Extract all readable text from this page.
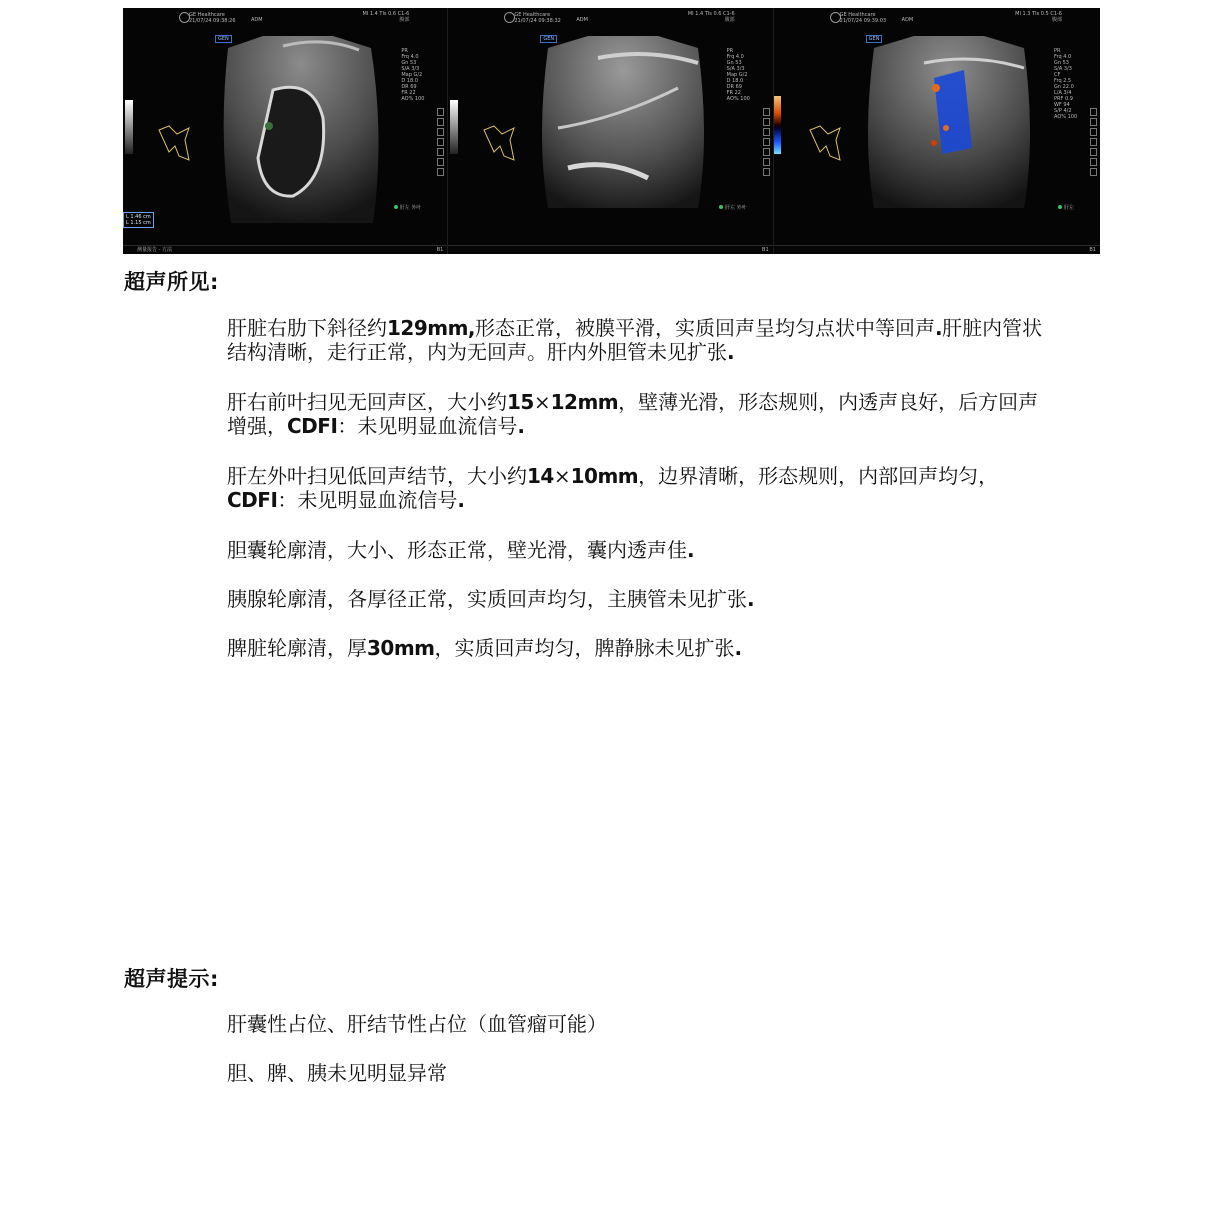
GE Healthcare
21/07/24 09:38:26	ADM
MI 1.4 TIs 0.6 C1-6
腹部
GEN
PR
Frq 4.0
Gn 53
S/A 3/3
Map G/2
D 18.0
DR 69
FR 22
AO% 100
肝左 外叶
L 1.46 cm
L 1.15 cm
测量报告 - 方法	B1
GE Healthcare
21/07/24 09:38:32	ADM
MI 1.4 TIs 0.6 C1-6
腹部
GEN
PR
Frq 4.0
Gn 53
S/A 3/3
Map G/2
D 18.0
DR 69
FR 22
AO% 100
肝左 外叶
B1
GE Healthcare
21/07/24 09:39:03	ADM
MI 1.3 TIs 0.5 C1-6
腹部
GEN
PR
Frq 4.0
Gn 53
S/A 3/3
CF
Frq 2.5
Gn 22.0
L/A 3/4
PRF 0.9
WF 94
S/P 4/2
AO% 100
肝左
B1
超声所见:

肝脏右肋下斜径约129mm,形态正常，被膜平滑，实质回声呈均匀点状中等回声.肝脏内管状结构清晰，走行正常，内为无回声。肝内外胆管未见扩张.

肝右前叶扫见无回声区，大小约15×12mm，壁薄光滑，形态规则，内透声良好，后方回声增强，CDFI：未见明显血流信号.

肝左外叶扫见低回声结节，大小约14×10mm，边界清晰，形态规则，内部回声均匀，CDFI：未见明显血流信号.

胆囊轮廓清，大小、形态正常，壁光滑，囊内透声佳.

胰腺轮廓清，各厚径正常，实质回声均匀，主胰管未见扩张.

脾脏轮廓清，厚30mm，实质回声均匀，脾静脉未见扩张.

超声提示:

肝囊性占位、肝结节性占位（血管瘤可能）

胆、脾、胰未见明显异常
